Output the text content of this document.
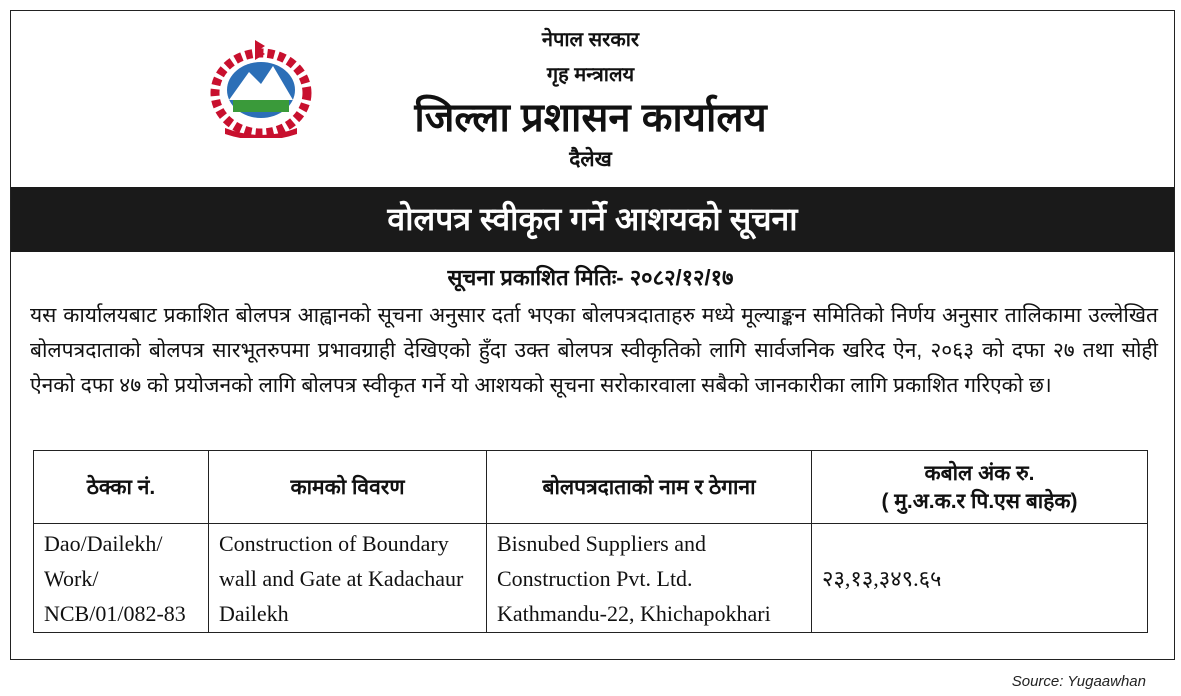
नेपाल सरकार
गृह मन्त्रालय
जिल्ला प्रशासन कार्यालय
दैलेख
वोलपत्र स्वीकृत गर्ने आशयको सूचना
सूचना प्रकाशित मितिः- २०८२/१२/१७
यस कार्यालयबाट प्रकाशित बोलपत्र आह्वानको सूचना अनुसार दर्ता भएका बोलपत्रदाताहरु मध्ये मूल्याङ्कन समितिको निर्णय अनुसार तालिकामा उल्लेखित बोलपत्रदाताको बोलपत्र सारभूतरुपमा प्रभावग्राही देखिएको हुँदा उक्त बोलपत्र स्वीकृतिको लागि सार्वजनिक खरिद ऐन, २०६३ को दफा २७ तथा सोही ऐनको दफा ४७ को प्रयोजनको लागि बोलपत्र स्वीकृत गर्ने यो आशयको सूचना सरोकारवाला सबैको जानकारीका लागि प्रकाशित गरिएको छ।
ठेक्का नं.	कामको विवरण	बोलपत्रदाताको नाम र ठेगाना	कबोल अंक रु.
( मु.अ.क.र पि.एस बाहेक)

Dao/Dailekh/ Work/ NCB/01/082-83	Construction of Boundary wall and Gate at Kadachaur Dailekh	Bisnubed Suppliers and Construction Pvt. Ltd. Kathmandu-22, Khichapokhari	२३,१३,३४९.६५
Source: Yugaawhan
